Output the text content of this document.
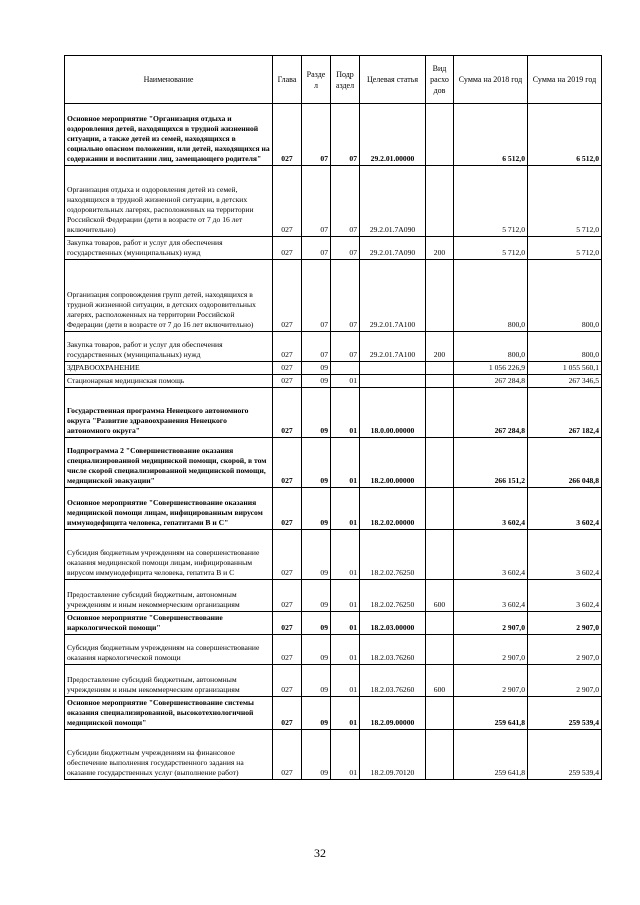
Наименование	Глава	Разде л	Подр аздел	Целевая статья	Вид расхо дов	Сумма на 2018 год	Сумма на 2019 год
Основное мероприятие "Организация отдыха и оздоровления детей, находящихся в трудной жизненной ситуации, а также детей из семей, находящихся в социально опасном положении, или детей, находящихся на содержании и воспитании лиц, замещающего родителя"	027	07	07	29.2.01.00000		6 512,0	6 512,0
Организация отдыха и оздоровления детей из семей, находящихся в трудной жизненной ситуации, в детских оздоровительных лагерях, расположенных на территории Российской Федерации (дети в возрасте от 7 до 16 лет включительно)	027	07	07	29.2.01.7А090		5 712,0	5 712,0
Закупка товаров, работ и услуг для обеспечения государственных (муниципальных) нужд	027	07	07	29.2.01.7А090	200	5 712,0	5 712,0
Организация сопровождения групп детей, находящихся в трудной жизненной ситуации, в детских оздоровительных лагерях, расположенных на территории Российской Федерации (дети в возрасте от 7 до 16 лет включительно)	027	07	07	29.2.01.7А100		800,0	800,0
Закупка товаров, работ и услуг для обеспечения государственных (муниципальных) нужд	027	07	07	29.2.01.7А100	200	800,0	800,0
ЗДРАВООХРАНЕНИЕ	027	09				1 056 226,9	1 055 560,1
Стационарная медицинская помощь	027	09	01			267 284,8	267 346,5
Государственная программа Ненецкого автономного округа "Развитие здравоохранения Ненецкого автономного округа"	027	09	01	18.0.00.00000		267 284,8	267 182,4
Подпрограмма 2 "Совершенствование оказания специализированной медицинской помощи, скорой, в том числе скорой специализированной медицинской помощи, медицинской эвакуации"	027	09	01	18.2.00.00000		266 151,2	266 048,8
Основное мероприятие "Совершенствование оказания медицинской помощи лицам, инфицированным вирусом иммунодефицита человека, гепатитами В и С"	027	09	01	18.2.02.00000		3 602,4	3 602,4
Субсидия бюджетным учреждениям на совершенствование оказания медицинской помощи лицам, инфицированным вирусом иммунодефицита человека, гепатита В и С	027	09	01	18.2.02.76250		3 602,4	3 602,4
Предоставление субсидий бюджетным, автономным учреждениям и иным некоммерческим организациям	027	09	01	18.2.02.76250	600	3 602,4	3 602,4
Основное мероприятие "Совершенствование наркологической помощи"	027	09	01	18.2.03.00000		2 907,0	2 907,0
Субсидия бюджетным учреждениям на совершенствование оказания наркологической помощи	027	09	01	18.2.03.76260		2 907,0	2 907,0
Предоставление субсидий бюджетным, автономным учреждениям и иным некоммерческим организациям	027	09	01	18.2.03.76260	600	2 907,0	2 907,0
Основное мероприятие "Совершенствование системы оказания специализированной, высокотехнологичной медицинской помощи"	027	09	01	18.2.09.00000		259 641,8	259 539,4
Субсидии бюджетным учреждениям на финансовое обеспечение выполнения государственного задания на оказание государственных услуг (выполнение работ)	027	09	01	18.2.09.70120		259 641,8	259 539,4
32
